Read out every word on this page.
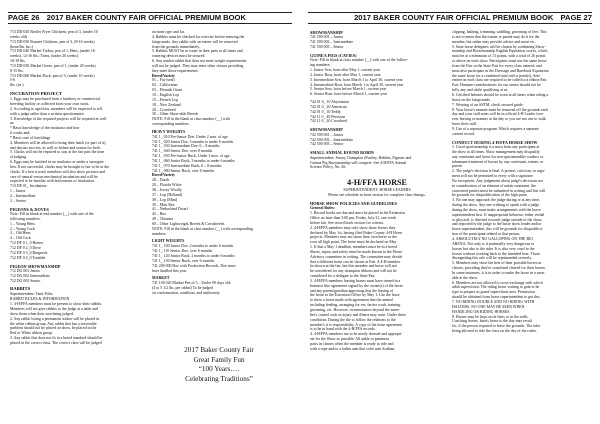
PAGE 26 2017 BAKER COUNTY FAIR OFFICIAL PREMIUM BOOK
713 DD 020 Broiler Fryer Chickens, pen of 3, (under 10
weeks old)
713 DD 030 Roaster Chickens, pen of 3, (8-16 weeks)
(hens/lbs. Inc.)
713 DD 040 Market Turkey, pen of 1, Hens, (under 16
weeks), 12-16 lbs.; Toms, (under 20 weeks)
16-18 lbs.
713 DD 050 Market Geese, pen of 1, (under 20 weeks)
8-15 lbs.
713 DD 060 Market Duck, pen of 3, (under 10 weeks)
5-6
lbs. (ea.)
INCUBATION PROJECT
1. Eggs may be purchased from a hatchery or commercial
breeding facility or collected from your own stock.
2. According to age/class, members will be expected to tell,
with a judge rather than a written questionnaire.
3. Knowledge of the required projects will be required as well
as:
* Basic knowledge of the incubator and how
it works and;
* Basic care of hatchlings
4. Members will be allowed to bring their hatch (or part of it),
and discuss success, as well as failure and reason for both.
5. Chicks will not be required to stay at the fair past the time
of judging.
6. Eggs may be hatched in an incubator or under a surrogate
hen. If not successful, chicks may be brought to fair to be in the
chicks. If a hen is used, members will also show pictures and
care of natural versus mechanical incubation and will be
expected to be familiar with both means of incubation.
713 DE 01_ Incubation
1 – Junior
2 – Intermediate
3 – Senior
PIGEONS & DOVES
Note: Fill in blank at end number (__) with one of the
following numbers:
1 – Young Hens
2 – Young Cock
3 – Old Hens
4 – Old Cock
712 DF 0 1_0 Homer
712 DF 0 2_0 Dove
712 DF 0 3_0 Ringneck
712 DF 0 4_0 Tumbler
PIGEON SHOWMANSHIP
712 DG 001 Junior
712 DG 002 Intermediate
712 DG 003 Senior
RABBITS
Superintendent: Tami Foltz
RABBIT RULES & INFORMATION
1. 4-H/FFA members must be present to show their rabbits.
Members will not give rabbits to the judge at a table and
show them when their turn being judged.
2. Any rabbit losing a permanent sticker will be placed in
the white ribbon group. Any rabbit that has a noticeable
problem should not be placed on show, be placed in the
Red or White ribbon group.
3. Any rabbit that does not fit in a breed standard should be
placed in the correct class. The correct class will be judged
on meat type and fur.
4. Rabbits must be checked for exercise before entering the
fairgrounds. Any rabbit with an entree will be removed
from the grounds immediately.
5. Rabbits MUST be in water in their pens at all times and
watering devices must be secured.
6. Any market rabbit that does not meet weight requirements
will not be judged. They may enter other classes providing
they meet those requirements.
Breed/Variety
01 – Fur (seal)
02 – Californian
03 – Flemish Giant
10 – English Lop
15 – French Lop
18 – New Zealand
20 – Crossbred
30 – Other Show-able Breeds
NOTE: Fill in the blank at class number (__) with
corresponding numbers.
HEAVY WEIGHTS
741 1_ 010 Pre-Junior Doe, Under 2 mos. of age.
741 1_ 020 Junior Doe, 3 months to under 6 months
741 1_ 030 Intermediate Doe, 6 – 8 months
741 1_ 040 Senior Doe, over 8 months
741 1_ 050 Pre-Junior Buck, Under 2 mos. of age.
741 1_ 060 Junior Buck, 3 months to under 6 months
741 1_ 070 Intermediate Buck, 6 – 8 months
741 1_ 080 Senior Buck, over 8 months
Breed/Variety
28 – Dutch
29 – Florida White
36 – Jersey Woolly
37 – Lop (Holland)
38 – Lop (Mini)
39 – Mini Rex
41 – Netherland Dwarf
45 – Rex
49 – Thrianta
60 – Other Lightweight Breeds & Crossbreeds
NOTE: Fill in the blank at class number (__) with corresponding
numbers.
LIGHT WEIGHTS
741 1_ 100 Junior Doe, 2 months to under 6 months
741 1_ 110 Senior Doe, over 6 months
741 1_ 120 Junior Buck, 2 months to under 6 months
741 1_ 130 Senior Buck, over 6 months
741 200 000 Doe with Production Records. Doe must
have kindled this year.
MARKET
741 100 020 Market Pen of 3 – Under 90 days old;
(4 to 5 1/2 lbs. per rabbit) To be judged
on conformation, condition, and uniformity.
2017 Baker County Fair
Great Family Fun
“100 Years….
Celebrating Traditions”
2017 BAKER COUNTY FAIR OFFICIAL PREMIUM BOOK PAGE 27
SHOWMANSHIP
741 500 001 – Junior
741 500 002 – Intermediate
741 500 003 – Senior
GUINEA PIGS (CAVIES)
Note: Fill in blank at class number (__) with one of the follow-
ing numbers:
1. Junior Sow, born after May 1, current year
2. Junior Boar, born after May 1, current year
3. Intermediate Sow, born March 1 to April 30, current year
4. Intermediate Boar, born March 1 to April 30, current year
5. Senior Sow, born before March 1, current year
6. Senior Boar, born before March 1, current year
742 01 0_ 10 Abyssinian
742 01 0_ 20 American
742 01 0_ 30 Teddy
742 11 0_ 40 Peruvian
742 11 0_ 20 Crossbred
SHOWMANSHIP
742 500 001 – Junior
742 500 002 – Intermediate
742 500 003 – Senior
SMALL ANIMAL ROUND ROBIN
Superintendent: Stacey Champion (Poultry, Rabbits, Pigeons and
Guinea Pig Showmanship will compete. See 4-H/FFA Animal
Science Policy, No. 26.
4-H/FFA HORSE
SUPERINTENDENT: HORSE LEADERS
Please see schedule in front section for complete class listings.
HORSE SHOW POLICIES AND GUIDELINES
General Rules:
1. Record books are due and must be placed in the Extension
Office no later than 5:00 pm, Friday, July 21, one week
before fair. See record book section for criteria.
2. 4-H/FFA members may only show those horses they
declared by May 1st, having filed Baker County 4-H Horse
projects. Members may not share their own horse or the
your all high point. The horse must be declared on May
1. If that a May 1 deadline, members must be in a breed
illness, injury and safety must be made known to the Horse
Advisory committee in writing. The committee may decide
that a different horse can be shown at Fair. A 4-H member
be shown at the fair, but this member and horse will not
be considered for any champion ribbons and will not be
considered for a delegate to the State Fair.
3. 4-H/FFA members leasing horses must have turned in a
business like agreement signed by the owner(s) of the horse
and any parent/guardian approving that the leasing of
the horse to the Extension Office by May 1. Use the lease
to show a horse made with agreement that the animal
including feeding, arranging for vet, farrier work, training,
grooming, etc. However, circumstances beyond the mem-
ber's control such as injury and illness may arise. Under these
conditions. During the the to follow the relations to the
member's it is responsibility. A copy of the lease agreement
is to be in hand with the 4-H/FFA records.
4. 4-H/FFA members are to be neatly dressed and appropri-
ate for the Show as possible. All ankle or pantmost
posts in classes when the member is ready to ride and
with a rope and/or a ladies arm that color arm Arabian.
clipping, bathing, trimming, saddling, grooming of feet. This
is not to mean that the trainer or parent may do it for the
member, but rather may provide advice and assist etc.
5. State horse delegates will be chosen by combining Show-
manship and Horsemanship English Equitation scores, which
must be at a minimum of 13 points, with a total of 26 points
or above on each show. Participants must use the same horse
from the Fair in the State Fair for every class entered, and
must also participate in the Dressage and Bareback Equitation
the same horse for a combined total with a point(s). Sole
entries in each class are required to be called to a ribbon Fair.
Fair. Humane considerations for our senior should not be
fully any and while qualifying at us.
6. Certified helmets should be worn at all times when riding a
horse on the fairgrounds.
7. Wearing of an ASTM, check secured guide.
8. Your horse's manure must be removed off the grounds each
day and your stall areas will be in official 4-H Leader fore-
ever leaving or manner at the day or you are not one to walk
leave their stall.
9. Use of a separate program. Which requires a separate
current record.
CONDUCT DURING 4-H/FFA HORSE SHOW
1. Good sportsmanship is a must from any participant at
the show at all times. Show management may disqualify
any contestant and horse for non-sportsmanlike conduct or
inhumane treatment of horses by any contestant, trainer, or
parent.
2. The judge's decision is final. A protest, criticism, or argu-
ment will not be permitted to every with a signature.
No exceptions. Any judgement about judge's decisions not
in consideration of an element of unfair treatment, the
concerned parties must be submitted in writing and this will
be grounds for disqualification of the high point.
3. No one may approach the judge during or at any time,
during the show. Any one wishing to speak with a judge
during the show, must make arrangements with the horse
superintendent first. If inappropriate behavior, either verbal
or physical, is directed towards judge outside of the show,
and reported by the judge to the horse show leader and/or
horse superintendent, this will be grounds for disqualifica-
tion of the participant related to that person.
4. ABSOLUTELY NO GALLOPING ON THE BIG
ARENA. Not only is it potentially very dangerous to
horses but also to the rider. It is also very cruel to the
horses without working back to the intended heat. Those
disregarding this rule will be reprimanded severely.
5. Members may show the best of their possible horses in
classes, providing they're sound and cleared for their horses.
In some instances, it is in order to make the horse in a surer
able at the show.
6. Members are not allowed to cross-exchange with which
adult supervision. The riding horse waiting to gain to be
type to prepare as guard supervision area. Permission
should be obtained from horse superintendent to put this.
7. NO RIDING DOUBLE AND NO RIDING WITH
HALTERS. NO ONE MAY BE SEEN WHEN
HANDLING OR RIDING HORSES.
8. Horses may be kept on tie lines or in the stalls.
Coaching horses, barn's horse to the day may result
for, if the person required to leave the grounds. The rider
being allowed to ride the class on the day of the rodeo.
